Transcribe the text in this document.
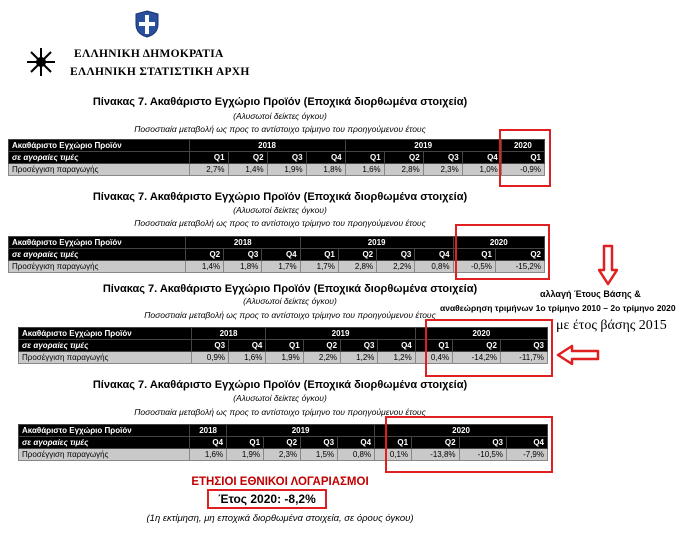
ΕΛΛΗΝΙΚΗ ΔΗΜΟΚΡΑΤΙΑ
ΕΛΛΗΝΙΚΗ ΣΤΑΤΙΣΤΙΚΗ ΑΡΧΗ
Πίνακας 7. Ακαθάριστο Εγχώριο Προϊόν (Εποχικά διορθωμένα στοιχεία)
(Αλυσωτοί δείκτες όγκου)
Ποσοστιαία μεταβολή ως προς το αντίστοιχο τρίμηνο του προηγούμενου έτους
Ακαθάριστο Εγχώριο Προϊόν	2018				2019				2020
σε αγοραίες τιμές	Q1	Q2	Q3	Q4	Q1	Q2	Q3	Q4	Q1
Προσέγγιση παραγωγής	2,7%	1,4%	1,9%	1,8%	1,6%	2,8%	2,3%	1,0%	-0,9%
Πίνακας 7. Ακαθάριστο Εγχώριο Προϊόν (Εποχικά διορθωμένα στοιχεία)
(Αλυσωτοί δείκτες όγκου)
Ποσοστιαία μεταβολή ως προς το αντίστοιχο τρίμηνο του προηγούμενου έτους
Ακαθάριστο Εγχώριο Προϊόν	2018			2019				2020	
σε αγοραίες τιμές	Q2	Q3	Q4	Q1	Q2	Q3	Q4	Q1	Q2
Προσέγγιση παραγωγής	1,4%	1,8%	1,7%	1,7%	2,8%	2,2%	0,8%	-0,5%	-15,2%
αλλαγή Έτους Βάσης &
αναθεώρηση τριμήνων 1ο τρίμηνο 2010 – 2ο τρίμηνο 2020
με έτος βάσης 2015
Πίνακας 7. Ακαθάριστο Εγχώριο Προϊόν (Εποχικά διορθωμένα στοιχεία)
(Αλυσωτοί δείκτες όγκου)
Ποσοστιαία μεταβολή ως προς το αντίστοιχο τρίμηνο του προηγούμενου έτους
Ακαθάριστο Εγχώριο Προϊόν	2018		2019				2020		
σε αγοραίες τιμές	Q3	Q4	Q1	Q2	Q3	Q4	Q1	Q2	Q3
Προσέγγιση παραγωγής	0,9%	1,6%	1,9%	2,2%	1,2%	1,2%	0,4%	-14,2%	-11,7%
Πίνακας 7. Ακαθάριστο Εγχώριο Προϊόν (Εποχικά διορθωμένα στοιχεία)
(Αλυσωτοί δείκτες όγκου)
Ποσοστιαία μεταβολή ως προς το αντίστοιχο τρίμηνο του προηγούμενου έτους
Ακαθάριστο Εγχώριο Προϊόν	2018	2019				2020			
σε αγοραίες τιμές	Q4	Q1	Q2	Q3	Q4	Q1	Q2	Q3	Q4
Προσέγγιση παραγωγής	1,6%	1,9%	2,3%	1,5%	0,8%	0,1%	-13,8%	-10,5%	-7,9%
ΕΤΗΣΙΟΙ ΕΘΝΙΚΟΙ ΛΟΓΑΡΙΑΣΜΟΙ
Έτος 2020: -8,2%
(1η εκτίμηση, μη εποχικά διορθωμένα στοιχεία, σε όρους όγκου)
